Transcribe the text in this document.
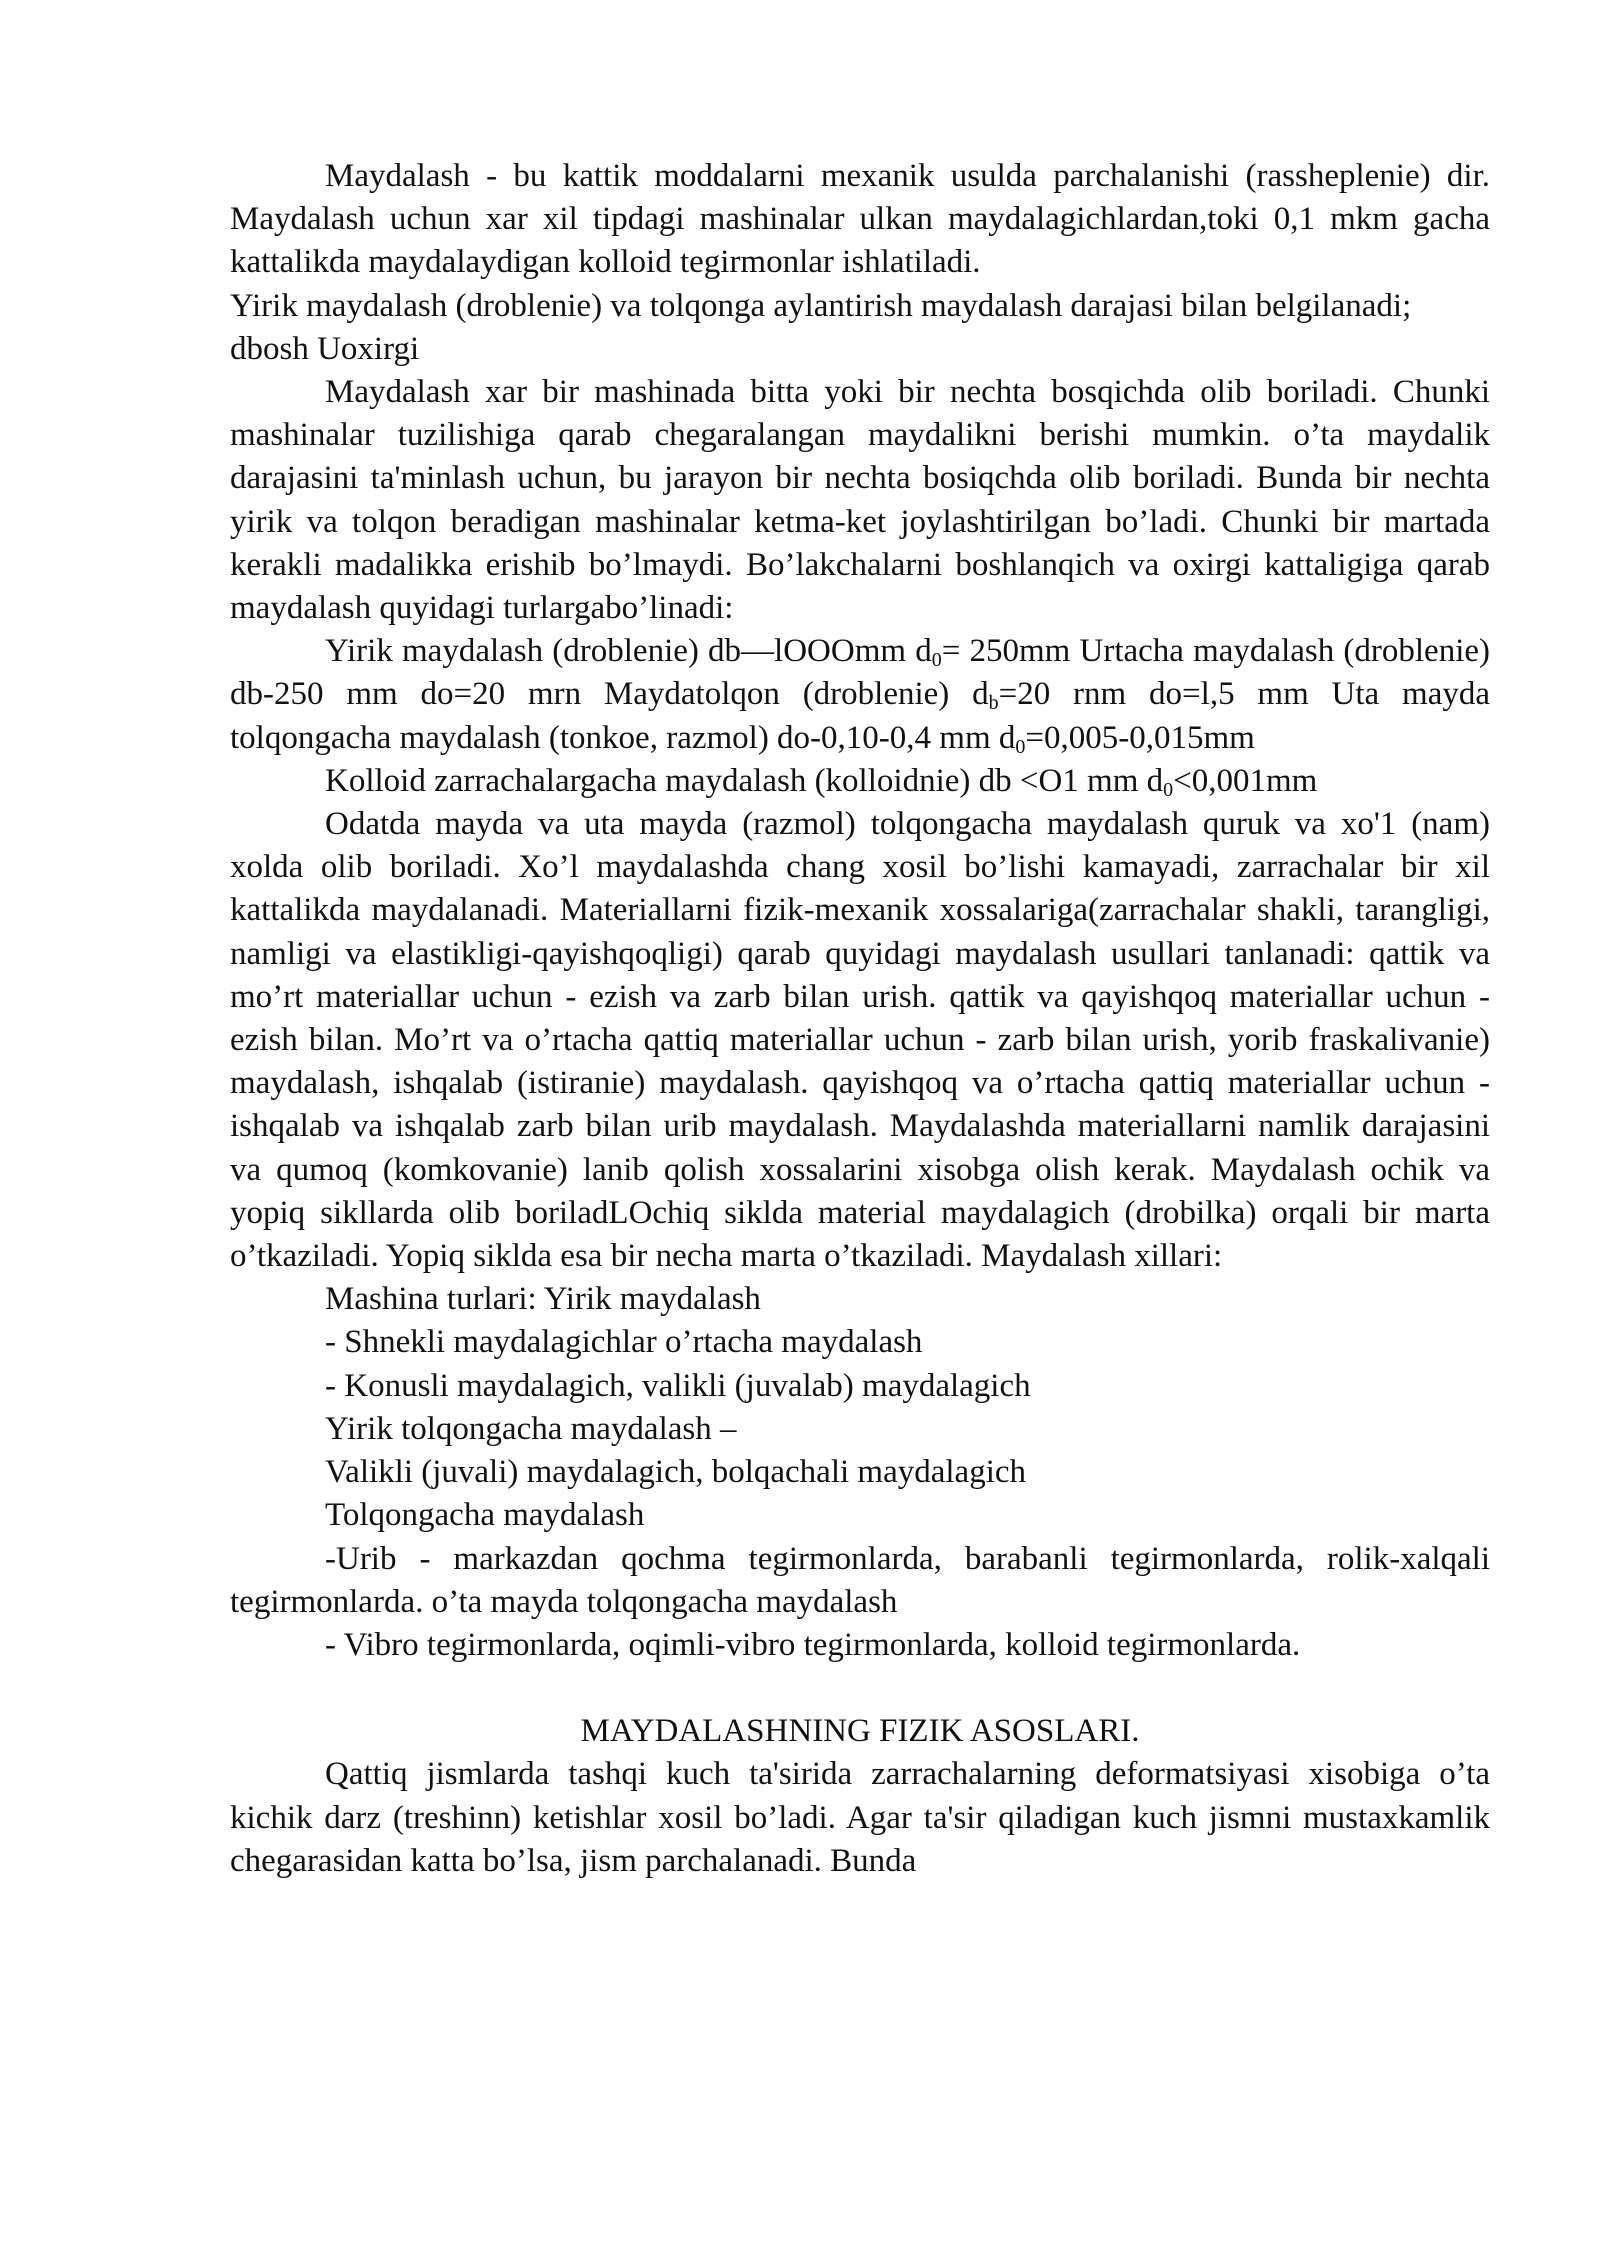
Maydalash - bu kattik moddalarni mexanik usulda parchalanishi (rassheplenie) dir. Maydalash uchun xar xil tipdagi mashinalar ulkan maydalagichlardan,toki 0,1 mkm gacha kattalikda maydalaydigan kolloid tegirmonlar ishlatiladi.

Yirik maydalash (droblenie) va tolqonga aylantirish maydalash darajasi bilan belgilanadi;

dbosh Uoxirgi

Maydalash xar bir mashinada bitta yoki bir nechta bosqichda olib boriladi. Chunki mashinalar tuzilishiga qarab chegaralangan maydalikni berishi mumkin. o’ta maydalik darajasini ta'minlash uchun, bu jarayon bir nechta bosiqchda olib boriladi. Bunda bir nechta yirik va tolqon beradigan mashinalar ketma-ket joylashtirilgan bo’ladi. Chunki bir martada kerakli madalikka erishib bo’lmaydi. Bo’lakchalarni boshlanqich va oxirgi kattaligiga qarab maydalash quyidagi turlargabo’linadi:

Yirik maydalash (droblenie) db—lOOOmm $d_0= 250mm$ Urtacha maydalash (droblenie) db-250 mm do=20 mrn Maydatolqon (droblenie) $d_b=20$ rnm do=l,5 mm Uta mayda tolqongacha maydalash (tonkoe, razmol) do-0,10-0,4 mm $d_0=0,005-0,015mm$

Kolloid zarrachalargacha maydalash (kolloidnie) db <O1 mm $d_0<0,001mm$

Odatda mayda va uta mayda (razmol) tolqongacha maydalash quruk va xo'1 (nam) xolda olib boriladi. Xo’l maydalashda chang xosil bo’lishi kamayadi, zarrachalar bir xil kattalikda maydalanadi. Materiallarni fizik-mexanik xossalariga(zarrachalar shakli, tarangligi, namligi va elastikligi-qayishqoqligi) qarab quyidagi maydalash usullari tanlanadi: qattik va mo’rt materiallar uchun - ezish va zarb bilan urish. qattik va qayishqoq materiallar uchun - ezish bilan. Mo’rt va o’rtacha qattiq materiallar uchun - zarb bilan urish, yorib fraskalivanie) maydalash, ishqalab (istiranie) maydalash. qayishqoq va o’rtacha qattiq materiallar uchun - ishqalab va ishqalab zarb bilan urib maydalash. Maydalashda materiallarni namlik darajasini va qumoq (komkovanie) lanib qolish xossalarini xisobga olish kerak. Maydalash ochik va yopiq sikllarda olib boriladLOchiq siklda material maydalagich (drobilka) orqali bir marta o’tkaziladi. Yopiq siklda esa bir necha marta o’tkaziladi. Maydalash xillari:

Mashina turlari: Yirik maydalash

- Shnekli maydalagichlar o’rtacha maydalash

- Konusli maydalagich, valikli (juvalab) maydalagich

Yirik tolqongacha maydalash –

Valikli (juvali) maydalagich, bolqachali maydalagich

Tolqongacha maydalash

-Urib - markazdan qochma tegirmonlarda, barabanli tegirmonlarda, rolik-xalqali tegirmonlarda. o’ta mayda tolqongacha maydalash

- Vibro tegirmonlarda, oqimli-vibro tegirmonlarda, kolloid tegirmonlarda.

MAYDALASHNING FIZIK ASOSLARI.

Qattiq jismlarda tashqi kuch ta'sirida zarrachalarning deformatsiyasi xisobiga o’ta kichik darz (treshinn) ketishlar xosil bo’ladi. Agar ta'sir qiladigan kuch jismni mustaxkamlik chegarasidan katta bo’lsa, jism parchalanadi. Bunda
